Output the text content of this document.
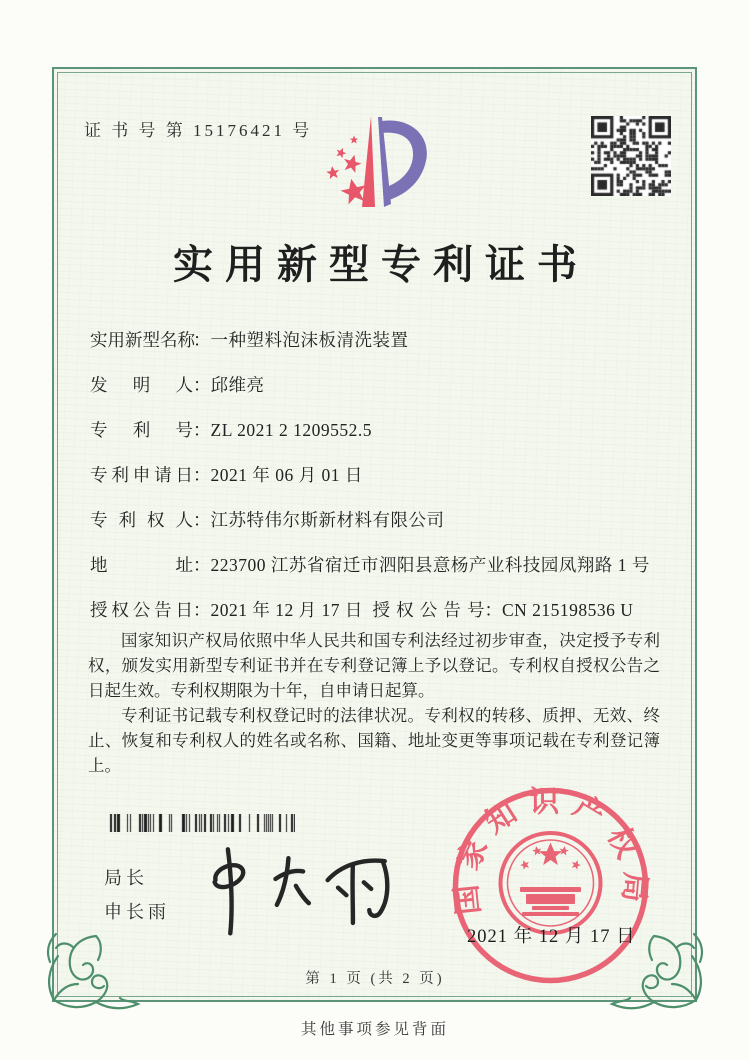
证 书 号 第 15176421 号
实用新型专利证书
实用新型名称：一种塑料泡沫板清洗装置
发明人：邱维亮
专利号：ZL 2021 2 1209552.5
专利申请日：2021 年 06 月 01 日
专利权人：江苏特伟尔斯新材料有限公司
地址：223700 江苏省宿迁市泗阳县意杨产业科技园凤翔路 1 号
授权公告日：2021 年 12 月 17 日 授权公告号：CN 215198536 U

国家知识产权局依照中华人民共和国专利法经过初步审查，决定授予专利权，颁发实用新型专利证书并在专利登记簿上予以登记。专利权自授权公告之日起生效。专利权期限为十年，自申请日起算。

专利证书记载专利权登记时的法律状况。专利权的转移、质押、无效、终止、恢复和专利权人的姓名或名称、国籍、地址变更等事项记载在专利登记簿上。

局长
申长雨	国家知识产权局
2021 年 12 月 17 日
第 1 页 (共 2 页)
其他事项参见背面
